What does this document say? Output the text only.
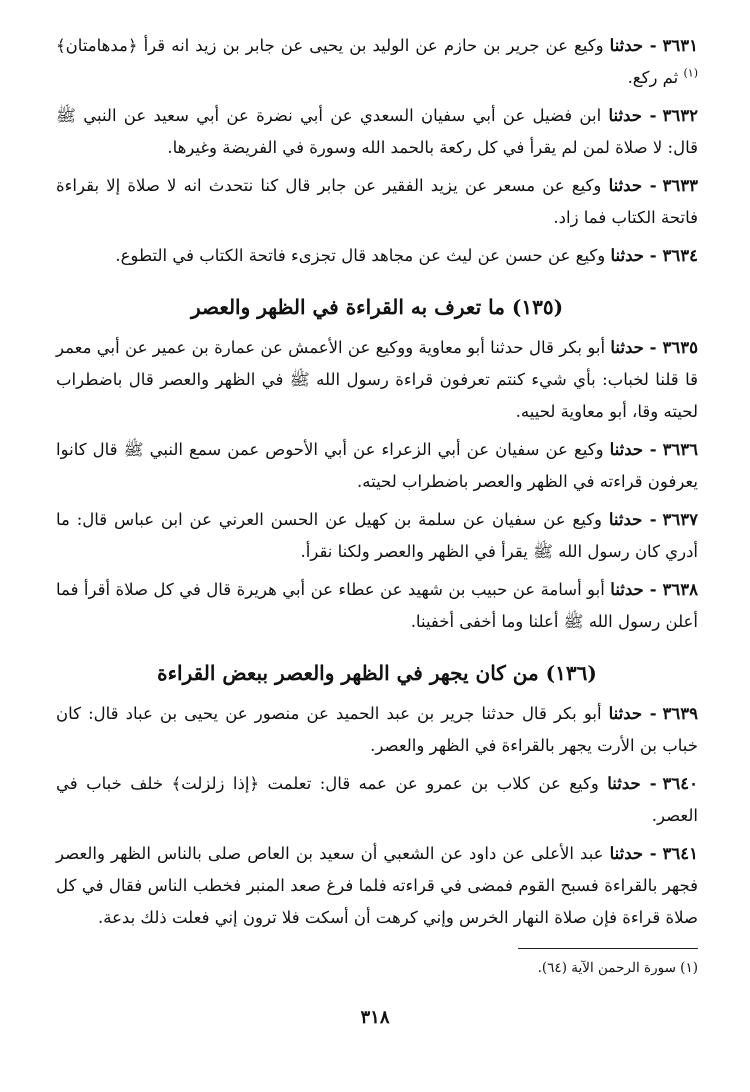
٣٦٣١- حدثنا وكيع عن جرير بن حازم عن الوليد بن يحيى عن جابر بن زيد انه قرأ ﴿مدهامتان﴾$^{(١)}$ ثم ركع.

٣٦٣٢- حدثنا ابن فضيل عن أبي سفيان السعدي عن أبي نضرة عن أبي سعيد عن النبي ﷺ قال: لا صلاة لمن لم يقرأ في كل ركعة بالحمد الله وسورة في الفريضة وغيرها.

٣٦٣٣- حدثنا وكيع عن مسعر عن يزيد الفقير عن جابر قال كنا نتحدث انه لا صلاة إلا بقراءة فاتحة الكتاب فما زاد.

٣٦٣٤- حدثنا وكيع عن حسن عن ليث عن مجاهد قال تجزىء فاتحة الكتاب في التطوع.

(١٣٥) ما تعرف به القراءة في الظهر والعصر

٣٦٣٥- حدثنا أبو بكر قال حدثنا أبو معاوية ووكيع عن الأعمش عن عمارة بن عمير عن أبي معمر قا قلنا لخباب: بأي شيء كنتم تعرفون قراءة رسول الله ﷺ في الظهر والعصر قال باضطراب لحيته وقا، أبو معاوية لحييه.

٣٦٣٦- حدثنا وكيع عن سفيان عن أبي الزعراء عن أبي الأحوص عمن سمع النبي ﷺ قال كانوا يعرفون قراءته في الظهر والعصر باضطراب لحيته.

٣٦٣٧- حدثنا وكيع عن سفيان عن سلمة بن كهيل عن الحسن العرني عن ابن عباس قال: ما أدري كان رسول الله ﷺ يقرأ في الظهر والعصر ولكنا نقرأ.

٣٦٣٨- حدثنا أبو أسامة عن حبيب بن شهيد عن عطاء عن أبي هريرة قال في كل صلاة أقرأ فما أعلن رسول الله ﷺ أعلنا وما أخفى أخفينا.

(١٣٦) من كان يجهر في الظهر والعصر ببعض القراءة

٣٦٣٩- حدثنا أبو بكر قال حدثنا جرير بن عبد الحميد عن منصور عن يحيى بن عباد قال: كان خباب بن الأرت يجهر بالقراءة في الظهر والعصر.

٣٦٤٠- حدثنا وكيع عن كلاب بن عمرو عن عمه قال: تعلمت ﴿إذا زلزلت﴾ خلف خباب في العصر.

٣٦٤١- حدثنا عبد الأعلى عن داود عن الشعبي أن سعيد بن العاص صلى بالناس الظهر والعصر فجهر بالقراءة فسبح القوم فمضى في قراءته فلما فرغ صعد المنبر فخطب الناس فقال في كل صلاة قراءة فإن صلاة النهار الخرس وإني كرهت أن أسكت فلا ترون إني فعلت ذلك بدعة.

(١) سورة الرحمن الآية (٦٤).
٣١٨
